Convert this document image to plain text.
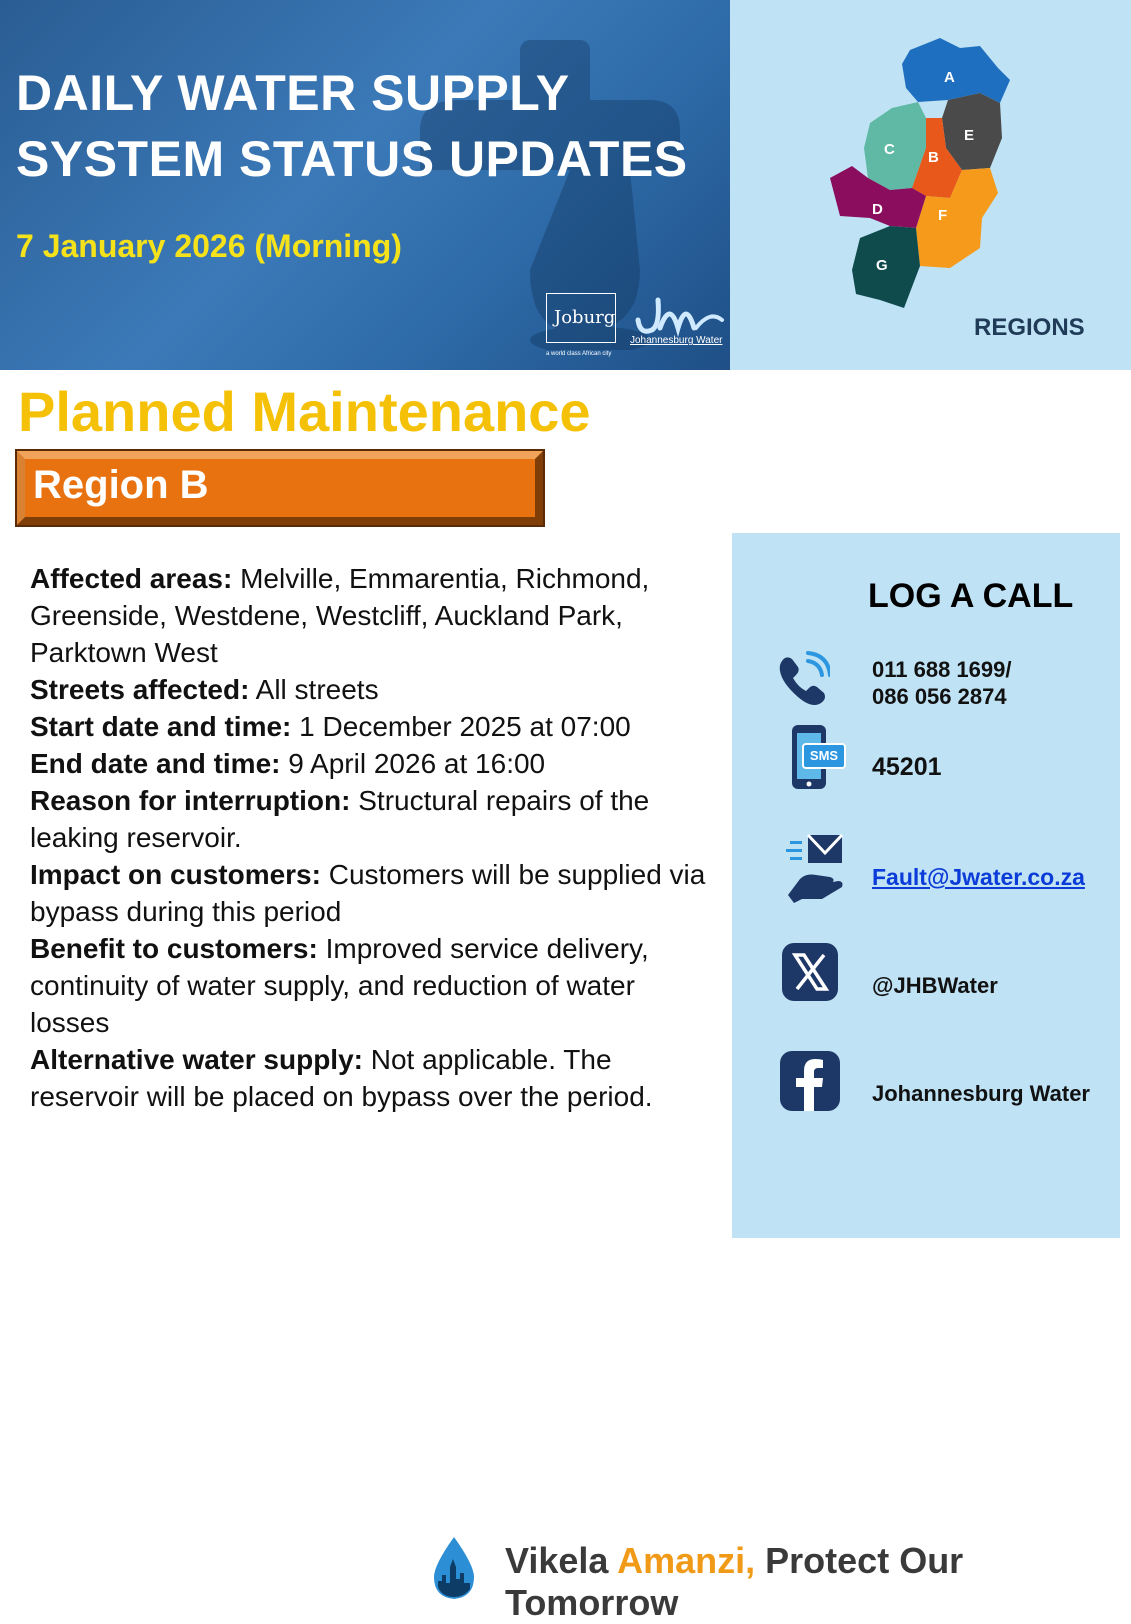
DAILY WATER SUPPLY
SYSTEM STATUS UPDATES
7 January 2026 (Morning)
Joburg
a world class African city
Johannesburg Water
A
B
C
D
E
F
G
REGIONS
Planned Maintenance
Region B

Affected areas: Melville, Emmarentia, Richmond, Greenside, Westdene, Westcliff, Auckland Park, Parktown West

Streets affected: All streets

Start date and time: 1 December 2025 at 07:00

End date and time: 9 April 2026 at 16:00

Reason for interruption: Structural repairs of the leaking reservoir.

Impact on customers: Customers will be supplied via bypass during this period

Benefit to customers: Improved service delivery, continuity of water supply, and reduction of water losses

Alternative water supply: Not applicable. The reservoir will be placed on bypass over the period.

LOG A CALL
011 688 1699/
086 056 2874
SMS	45201
Fault@Jwater.co.za
@JHBWater
Johannesburg Water
Vikela Amanzi, Protect Our Tomorrow
